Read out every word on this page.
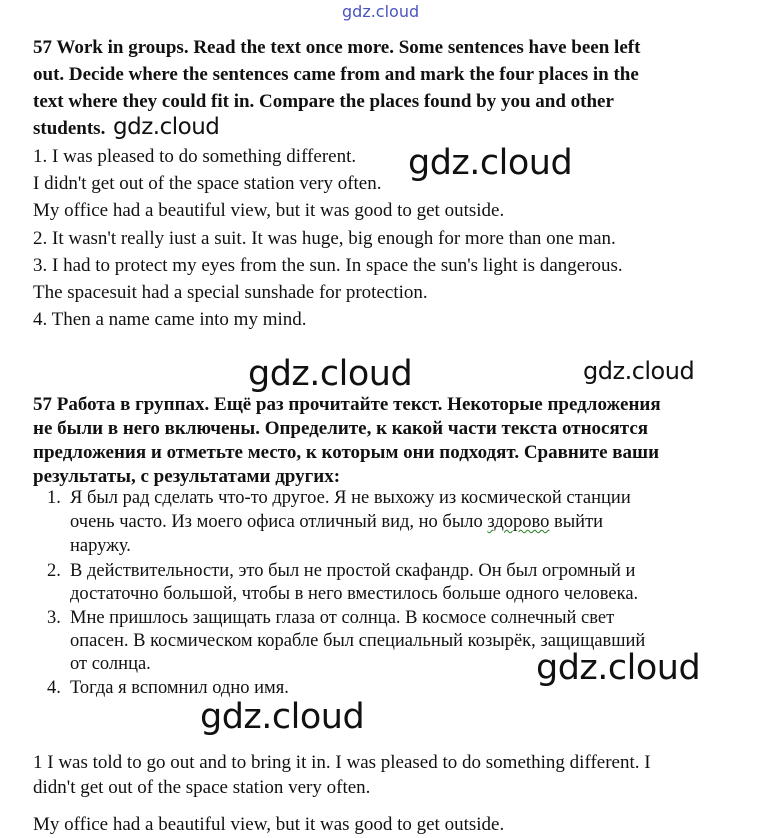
gdz.cloud
gdz.cloud
gdz.cloud
gdz.cloud	gdz.cloud
gdz.cloud
gdz.cloud
57 Work in groups. Read the text once more. Some sentences have been left
out. Decide where the sentences came from and mark the four places in the
text where they could fit in. Compare the places found by you and other
students.
1. I was pleased to do something different.
I didn't get out of the space station very often.
My office had a beautiful view, but it was good to get outside.
2. It wasn't really iust a suit. It was huge, big enough for more than one man.
3. I had to protect my eyes from the sun. In space the sun's light is dangerous.
The spacesuit had a special sunshade for protection.
4. Then a name came into my mind.
57 Работа в группах. Ещё раз прочитайте текст. Некоторые предложения
не были в него включены. Определите, к какой части текста относятся
предложения и отметьте место, к которым они подходят. Сравните ваши
результаты, с результатами других:
1. Я был рад сделать что-то другое. Я не выхожу из космической станции
очень часто. Из моего офиса отличный вид, но было здорово выйти
наружу.
2. В действительности, это был не простой скафандр. Он был огромный и
достаточно большой, чтобы в него вместилось больше одного человека.
3. Мне пришлось защищать глаза от солнца. В космосе солнечный свет
опасен. В космическом корабле был специальный козырёк, защищавший
от солнца.
4. Тогда я вспомнил одно имя.
1 I was told to go out and to bring it in. I was pleased to do something different. I
didn't get out of the space station very often.
My office had a beautiful view, but it was good to get outside.
